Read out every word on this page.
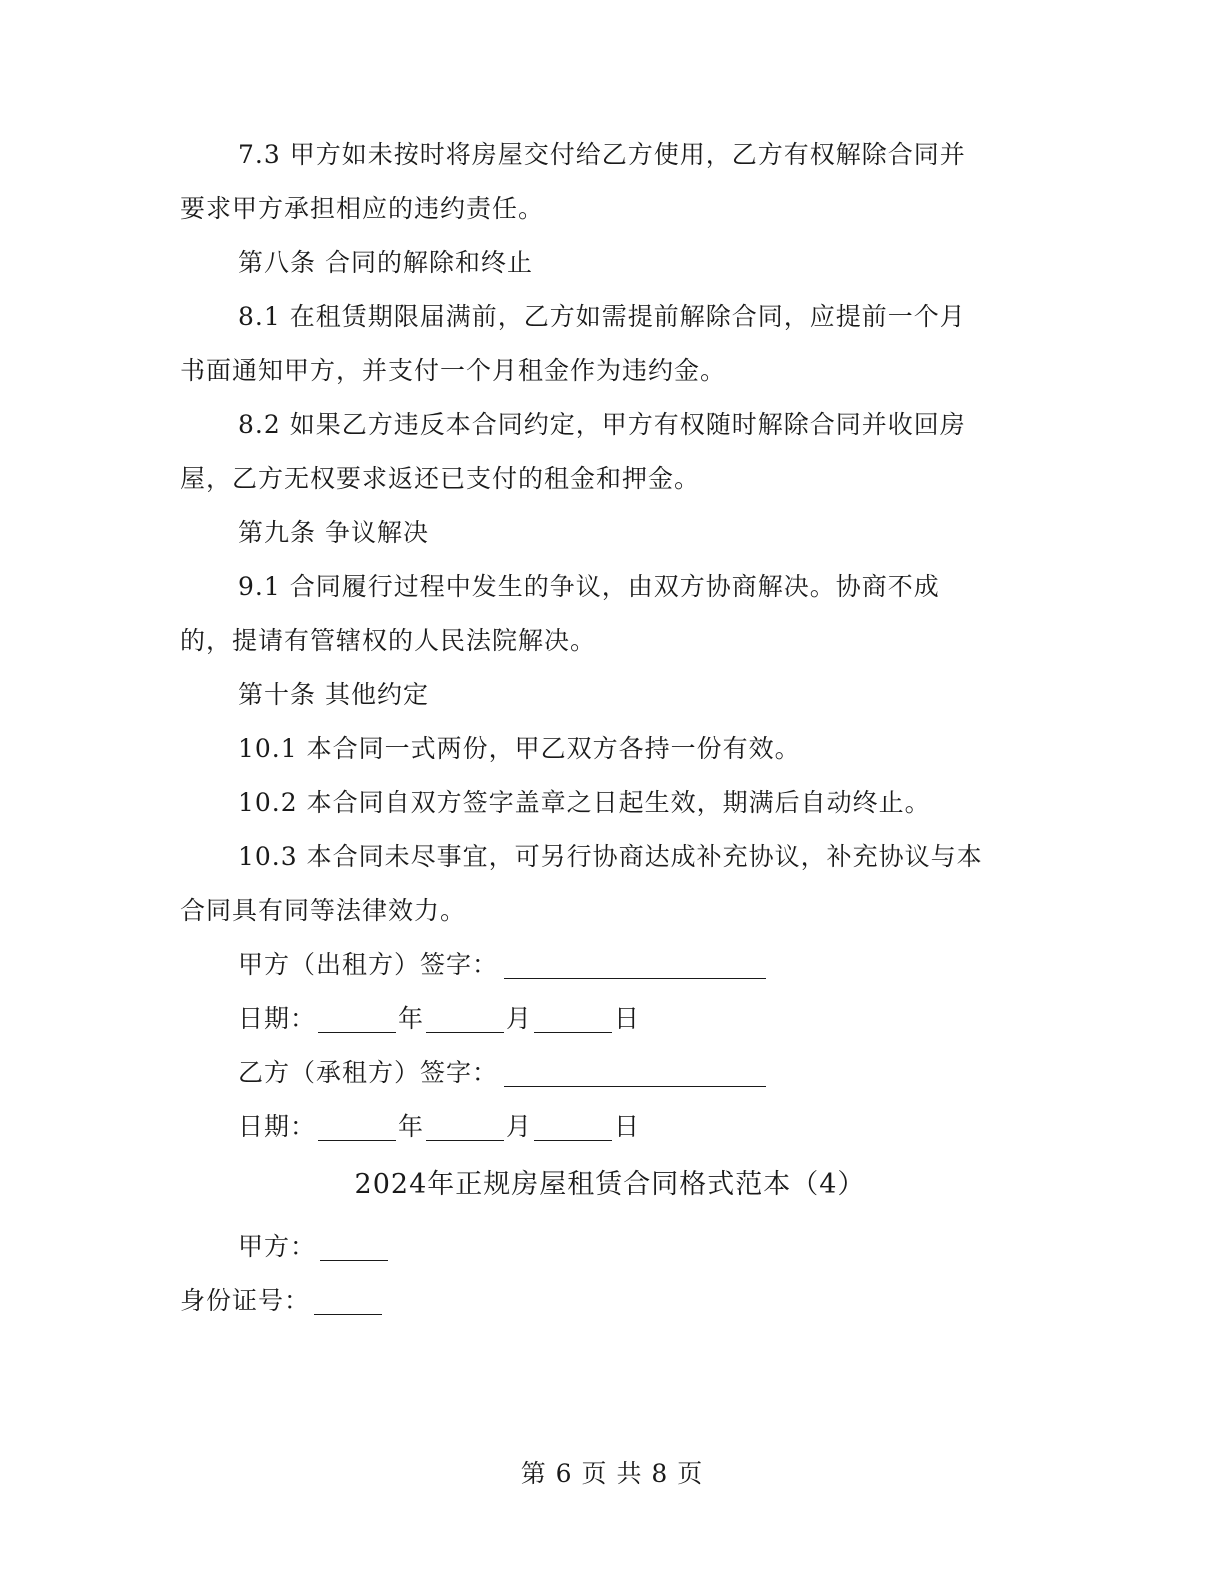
7.3 甲方如未按时将房屋交付给乙方使用，乙方有权解除合同并

要求甲方承担相应的违约责任。

第八条 合同的解除和终止

8.1 在租赁期限届满前，乙方如需提前解除合同，应提前一个月

书面通知甲方，并支付一个月租金作为违约金。

8.2 如果乙方违反本合同约定，甲方有权随时解除合同并收回房

屋，乙方无权要求返还已支付的租金和押金。

第九条 争议解决

9.1 合同履行过程中发生的争议，由双方协商解决。协商不成

的，提请有管辖权的人民法院解决。

第十条 其他约定

10.1 本合同一式两份，甲乙双方各持一份有效。

10.2 本合同自双方签字盖章之日起生效，期满后自动终止。

10.3 本合同未尽事宜，可另行协商达成补充协议，补充协议与本

合同具有同等法律效力。

甲方（出租方）签字：

日期：	年	月	日

乙方（承租方）签字：

日期：	年	月	日

2024年正规房屋租赁合同格式范本（4）

甲方：

身份证号：

第 6 页 共 8 页
